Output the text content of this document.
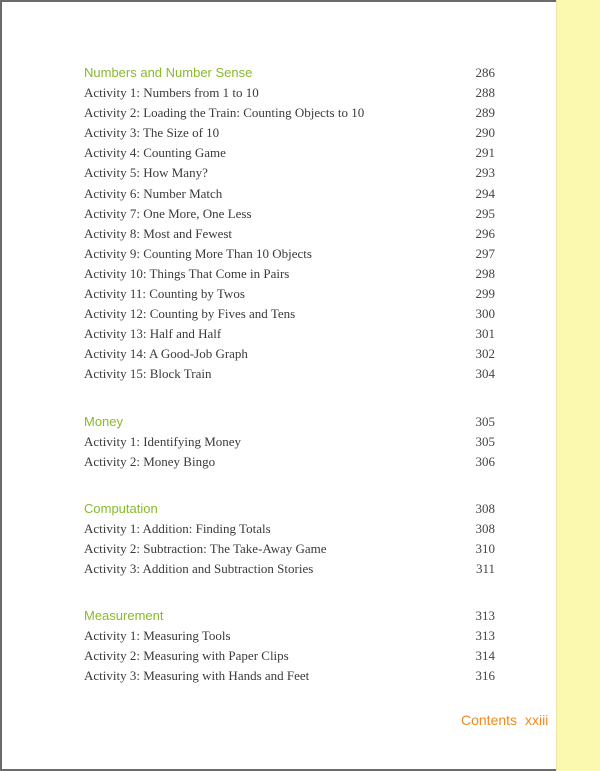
Numbers and Number Sense	286
Activity 1: Numbers from 1 to 10	288
Activity 2: Loading the Train: Counting Objects to 10	289
Activity 3: The Size of 10	290
Activity 4: Counting Game	291
Activity 5: How Many?	293
Activity 6: Number Match	294
Activity 7: One More, One Less	295
Activity 8: Most and Fewest	296
Activity 9: Counting More Than 10 Objects	297
Activity 10: Things That Come in Pairs	298
Activity 11: Counting by Twos	299
Activity 12: Counting by Fives and Tens	300
Activity 13: Half and Half	301
Activity 14: A Good-Job Graph	302
Activity 15: Block Train	304
Money	305
Activity 1: Identifying Money	305
Activity 2: Money Bingo	306
Computation	308
Activity 1: Addition: Finding Totals	308
Activity 2: Subtraction: The Take-Away Game	310
Activity 3: Addition and Subtraction Stories	311
Measurement	313
Activity 1: Measuring Tools	313
Activity 2: Measuring with Paper Clips	314
Activity 3: Measuring with Hands and Feet	316
Contents xxiii
